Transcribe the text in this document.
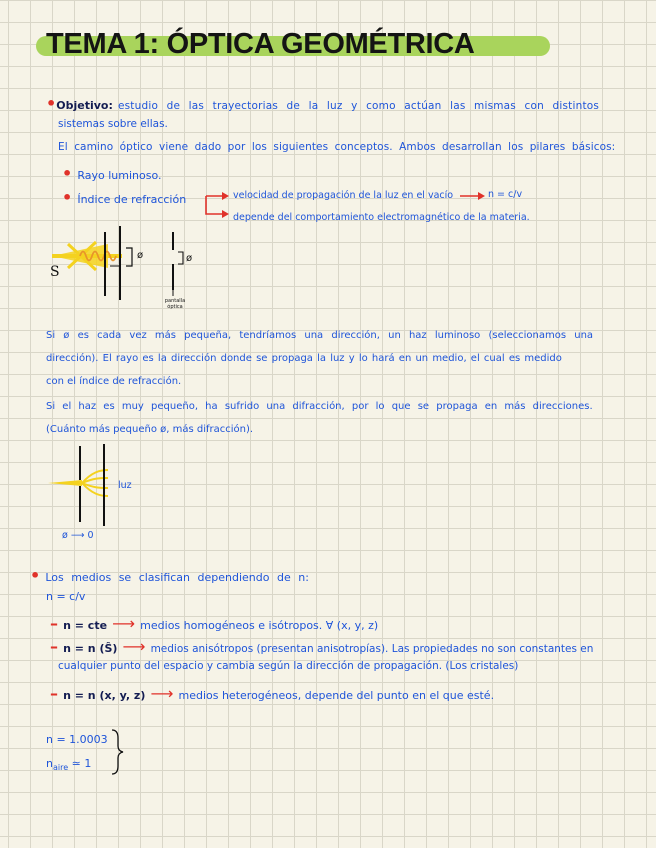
TEMA 1: ÓPTICA GEOMÉTRICA
•Objetivo: estudio de las trayectorias de la luz y como actúan las mismas con distintos
sistemas sobre ellas.
El camino óptico viene dado por los siguientes conceptos. Ambos desarrollan los pilares básicos:
• Rayo luminoso.
• Índice de refracción	velocidad de propagación de la luz en el vacío	n = c/v
depende del comportamiento electromagnético de la materia.
S
ø	ø
pantalla óptica
Si ø es cada vez más pequeña, tendríamos una dirección, un haz luminoso (seleccionamos una
dirección). El rayo es la dirección donde se propaga la luz y lo hará en un medio, el cual es medido
con el índice de refracción.
Si el haz es muy pequeño, ha sufrido una difracción, por lo que se propaga en más direcciones.
(Cuánto más pequeño ø, más difracción).
luz
ø ⟶ 0
• Los medios se clasifican dependiendo de n:
n = c/v
– n = cte ⟶ medios homogéneos e isótropos. ∀ (x, y, z)
– n = n (Ŝ) ⟶ medios anisótropos (presentan anisotropías). Las propiedades no son constantes en
cualquier punto del espacio y cambia según la dirección de propagación. (Los cristales)
– n = n (x, y, z) ⟶ medios heterogéneos, depende del punto en el que esté.
n = 1.0003
$n_{aire}$ ≃ 1
